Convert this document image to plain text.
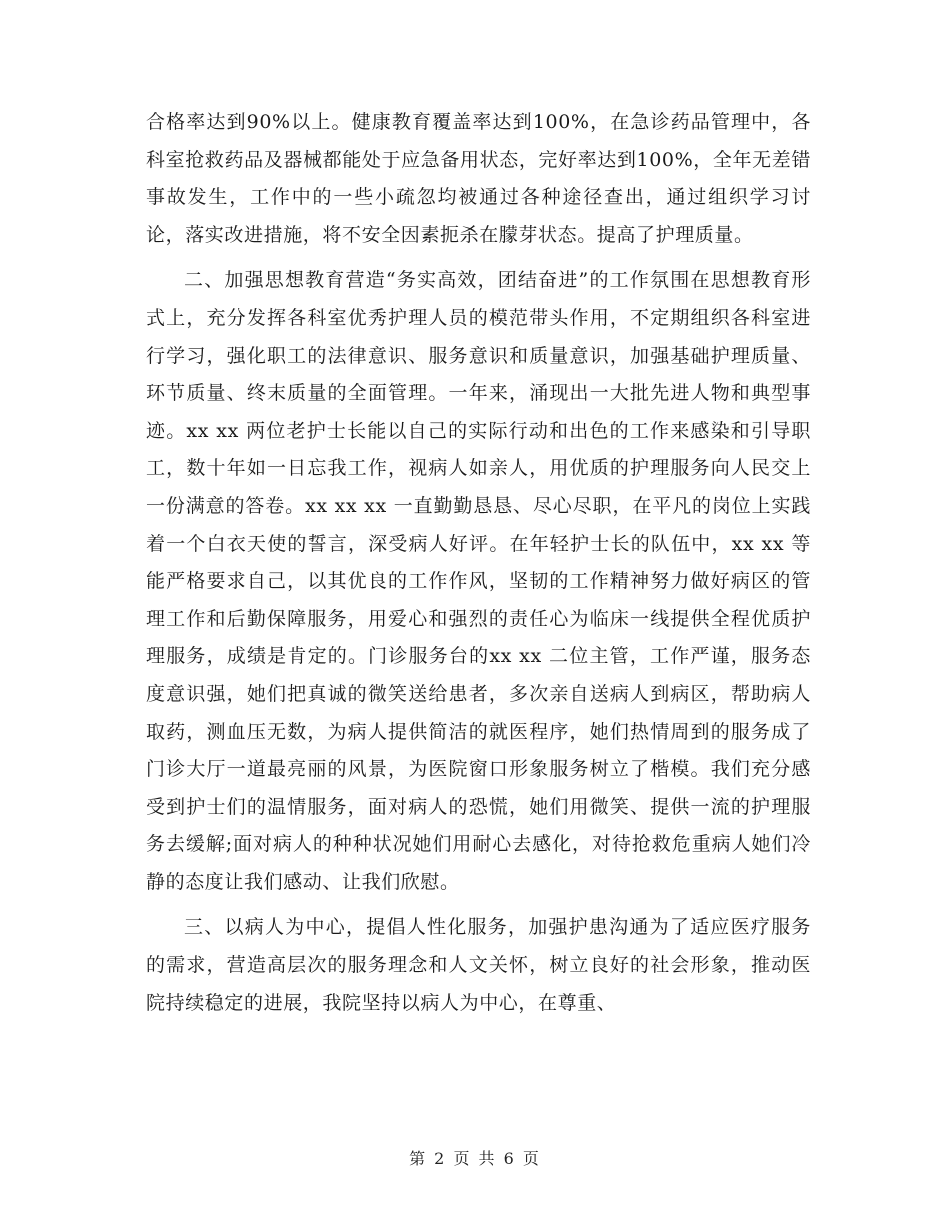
合格率达到90%以上。健康教育覆盖率达到100%，在急诊药品管理中，各科室抢救药品及器械都能处于应急备用状态，完好率达到100%，全年无差错事故发生，工作中的一些小疏忽均被通过各种途径查出，通过组织学习讨论，落实改进措施，将不安全因素扼杀在朦芽状态。提高了护理质量。

二、加强思想教育营造“务实高效，团结奋进”的工作氛围在思想教育形式上，充分发挥各科室优秀护理人员的模范带头作用，不定期组织各科室进行学习，强化职工的法律意识、服务意识和质量意识，加强基础护理质量、环节质量、终末质量的全面管理。一年来，涌现出一大批先进人物和典型事迹。xx xx 两位老护士长能以自己的实际行动和出色的工作来感染和引导职工，数十年如一日忘我工作，视病人如亲人，用优质的护理服务向人民交上一份满意的答卷。xx xx xx 一直勤勤恳恳、尽心尽职，在平凡的岗位上实践着一个白衣天使的誓言，深受病人好评。在年轻护士长的队伍中，xx xx 等能严格要求自己，以其优良的工作作风，坚韧的工作精神努力做好病区的管理工作和后勤保障服务，用爱心和强烈的责任心为临床一线提供全程优质护理服务，成绩是肯定的。门诊服务台的xx xx 二位主管，工作严谨，服务态度意识强，她们把真诚的微笑送给患者，多次亲自送病人到病区，帮助病人取药，测血压无数，为病人提供简洁的就医程序，她们热情周到的服务成了门诊大厅一道最亮丽的风景，为医院窗口形象服务树立了楷模。我们充分感受到护士们的温情服务，面对病人的恐慌，她们用微笑、提供一流的护理服务去缓解;面对病人的种种状况她们用耐心去感化，对待抢救危重病人她们冷静的态度让我们感动、让我们欣慰。

三、以病人为中心，提倡人性化服务，加强护患沟通为了适应医疗服务的需求，营造高层次的服务理念和人文关怀，树立良好的社会形象，推动医院持续稳定的进展，我院坚持以病人为中心，在尊重、

第 2 页 共 6 页
